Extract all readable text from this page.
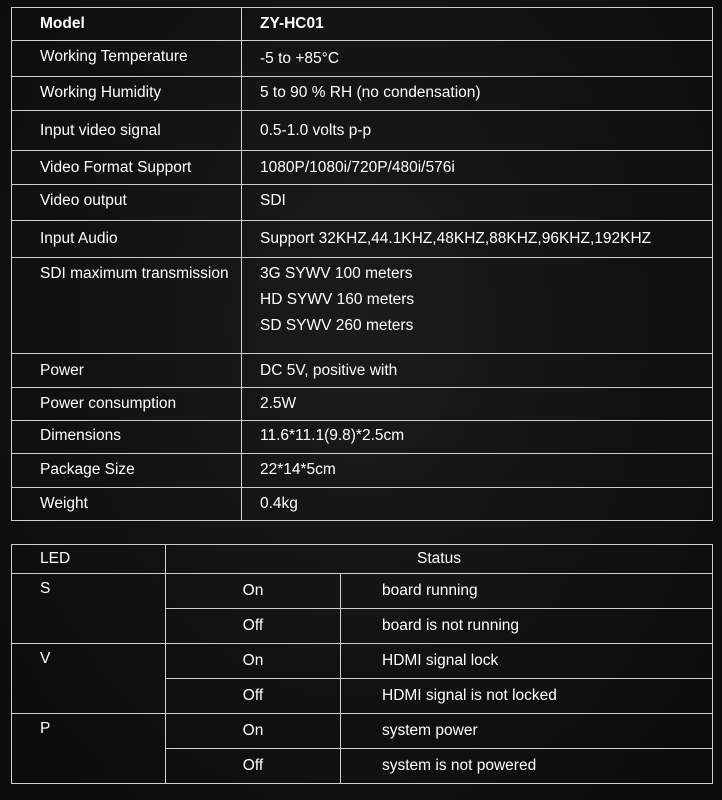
Model	ZY-HC01
Working Temperature	-5 to +85°C
Working Humidity	5 to 90 % RH (no condensation)
Input video signal	0.5-1.0 volts p-p
Video Format Support	1080P/1080i/720P/480i/576i
Video output	SDI
Input Audio	Support 32KHZ,44.1KHZ,48KHZ,88KHZ,96KHZ,192KHZ
SDI maximum transmission	3G SYWV 100 meters
HD SYWV 160 meters
SD SYWV 260 meters

Power	DC 5V, positive with
Power consumption	2.5W
Dimensions	11.6*11.1(9.8)*2.5cm
Package Size	22*14*5cm
Weight	0.4kg
LED	Status	
S	On	board running
	Off	board is not running
V	On	HDMI signal lock
	Off	HDMI signal is not locked
P	On	system power
	Off	system is not powered
